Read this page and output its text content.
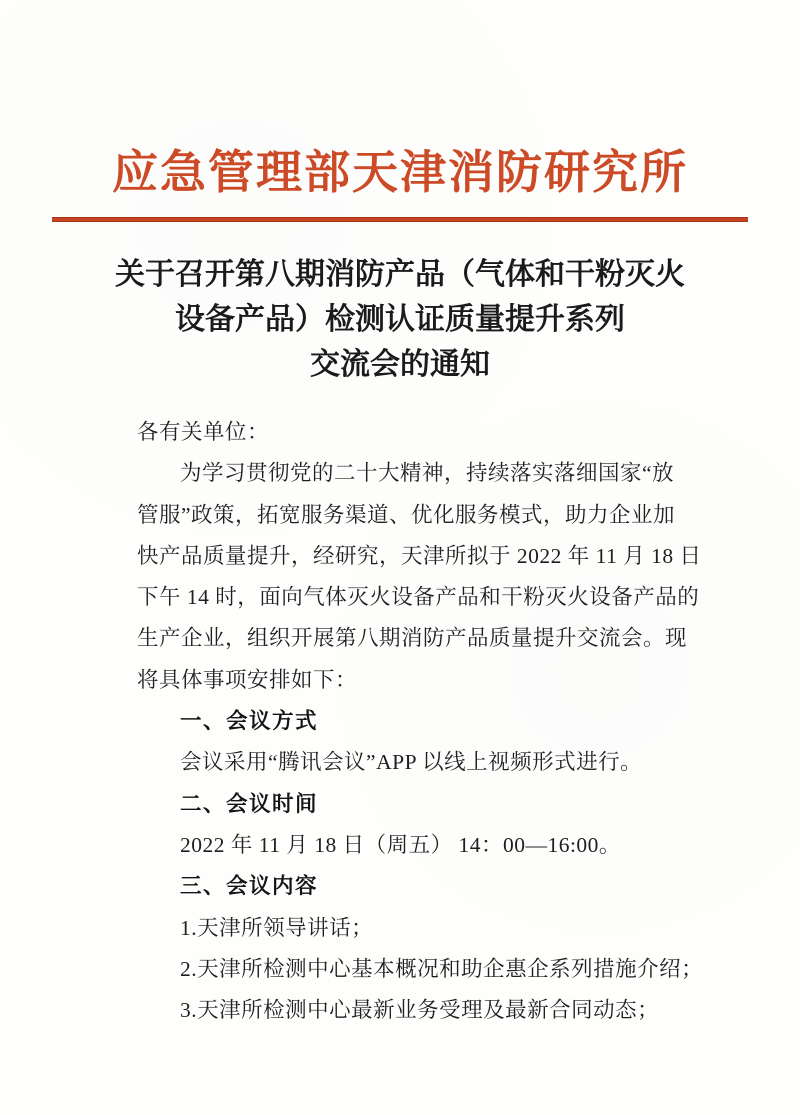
应急管理部天津消防研究所
关于召开第八期消防产品（气体和干粉灭火
设备产品）检测认证质量提升系列
交流会的通知
各有关单位：
为学习贯彻党的二十大精神，持续落实落细国家“放
管服”政策，拓宽服务渠道、优化服务模式，助力企业加
快产品质量提升，经研究，天津所拟于 2022 年 11 月 18 日
下午 14 时，面向气体灭火设备产品和干粉灭火设备产品的
生产企业，组织开展第八期消防产品质量提升交流会。现
将具体事项安排如下：
一、会议方式
会议采用“腾讯会议”APP 以线上视频形式进行。
二、会议时间
2022 年 11 月 18 日（周五） 14：00—16:00。
三、会议内容
1.天津所领导讲话；
2.天津所检测中心基本概况和助企惠企系列措施介绍；
3.天津所检测中心最新业务受理及最新合同动态；
